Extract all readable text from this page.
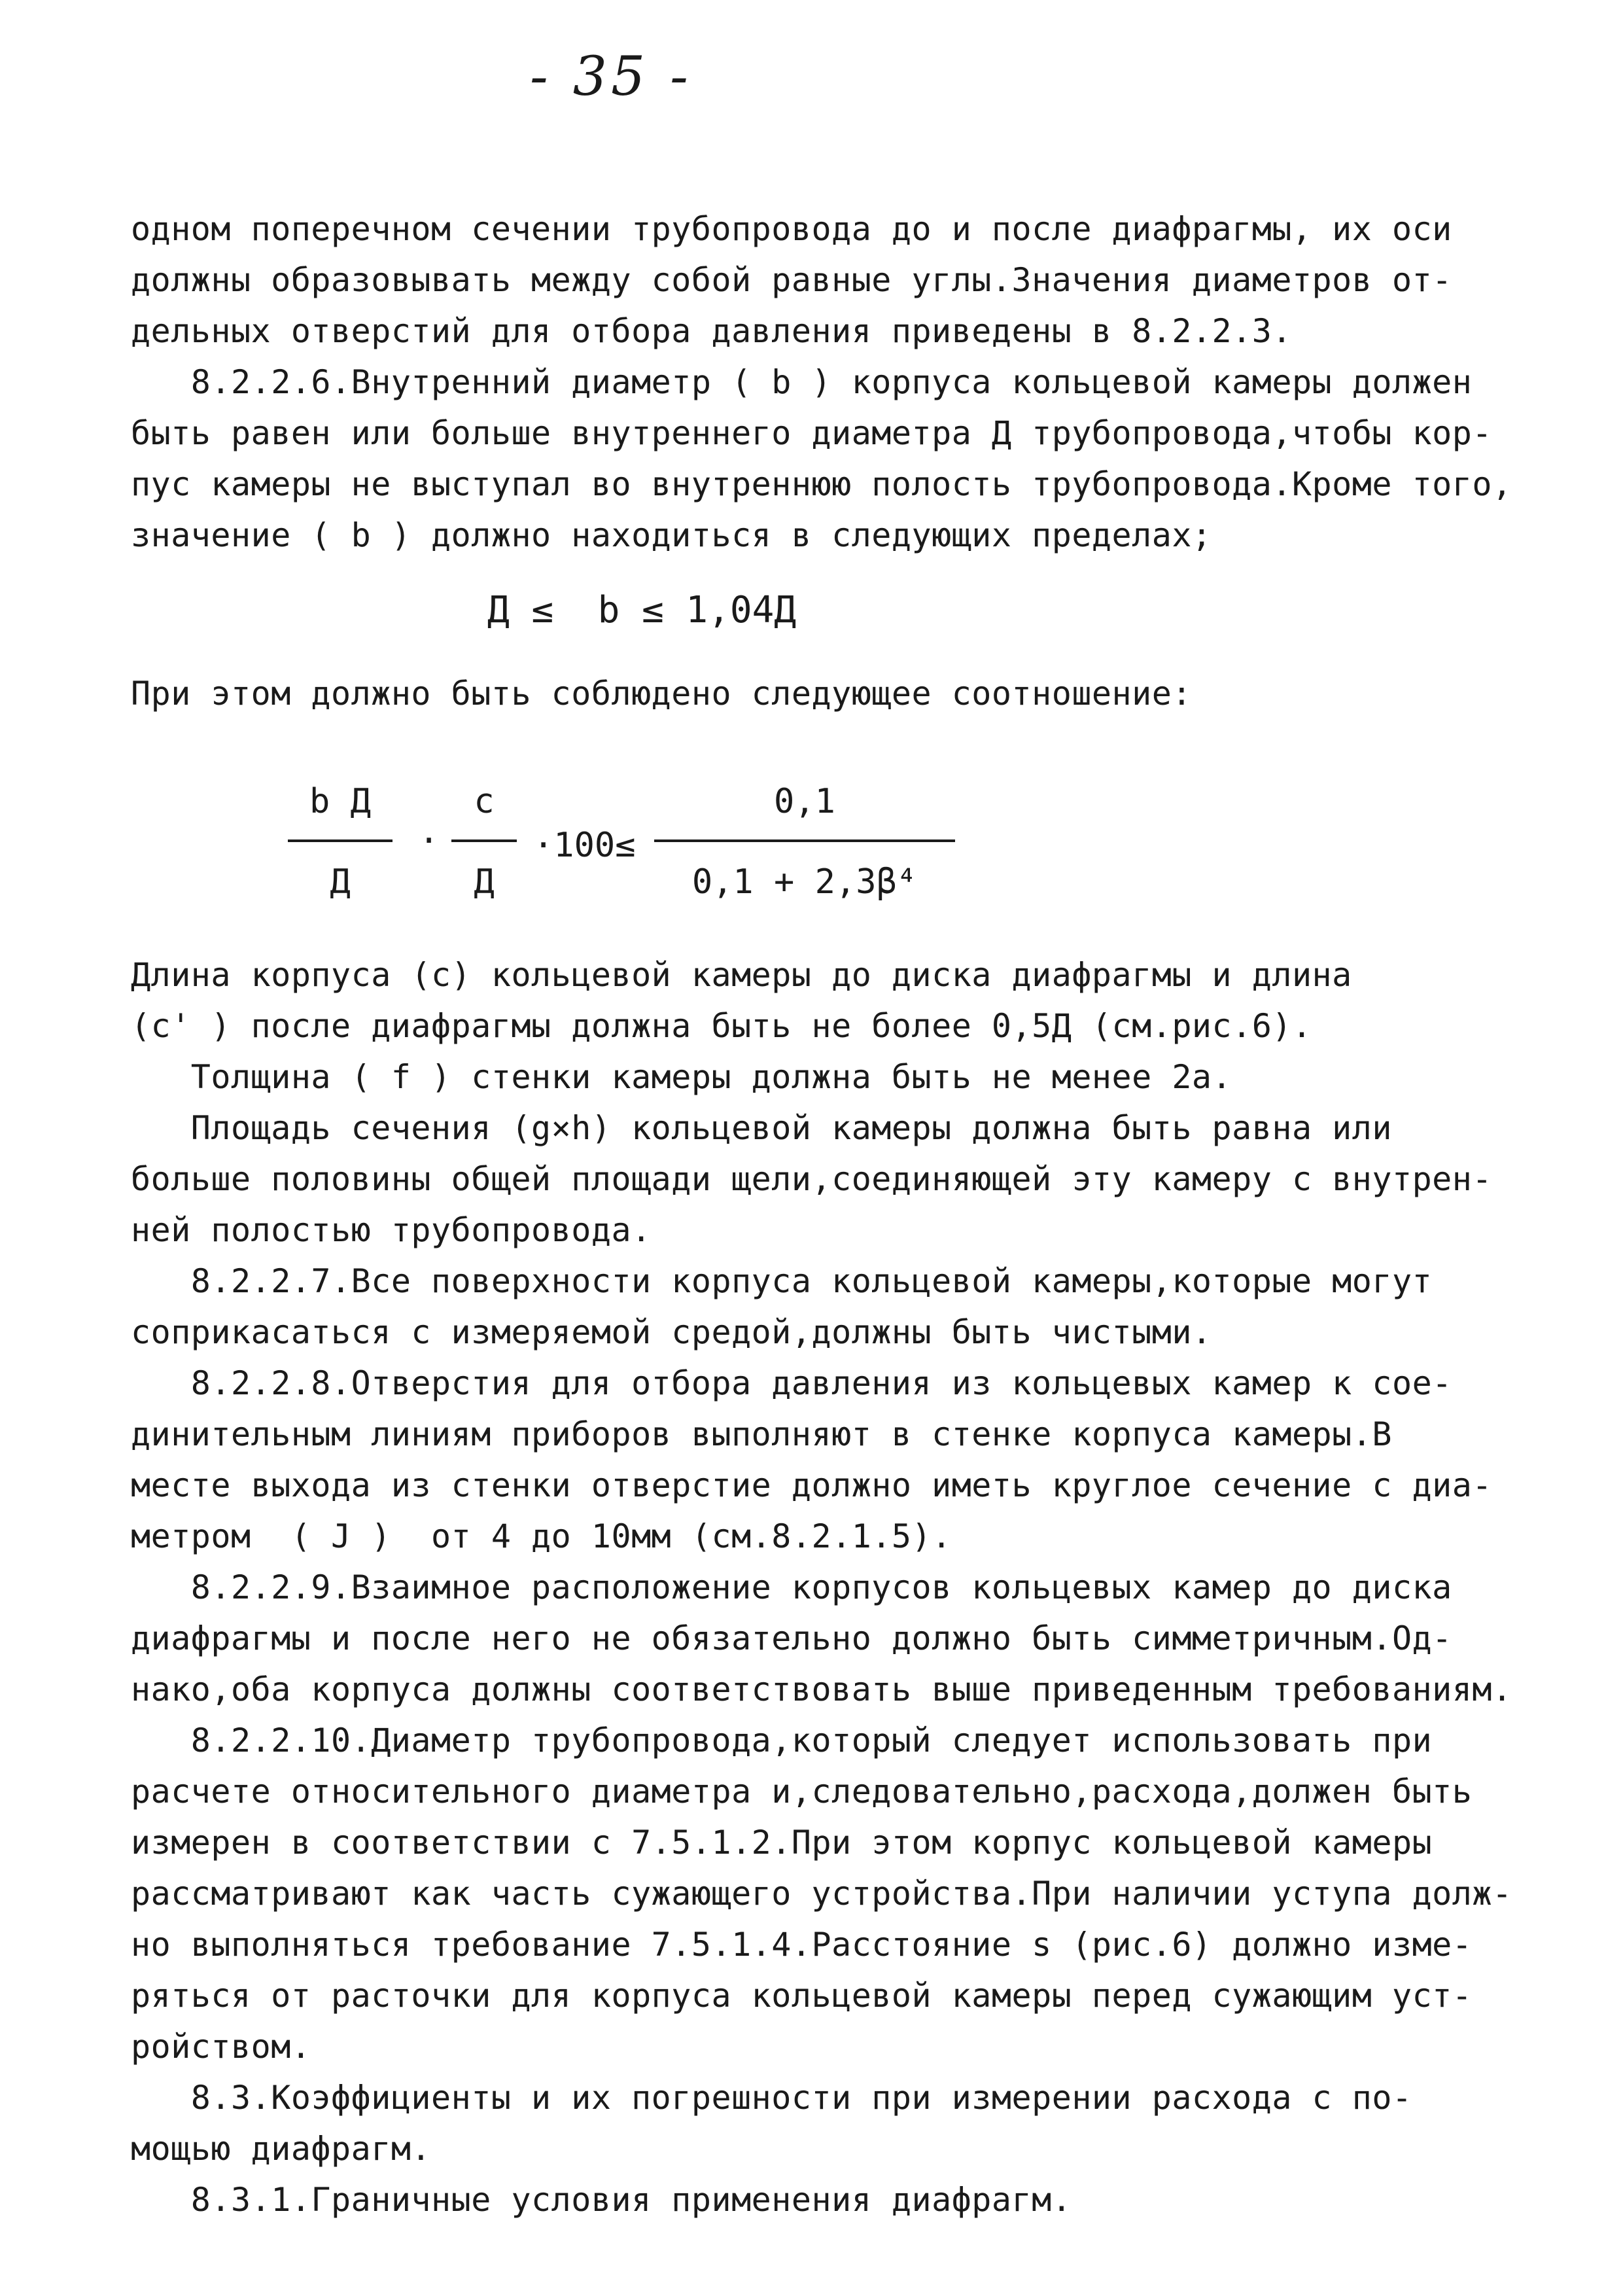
- 35 -
одном поперечном сечении трубопровода до и после диафрагмы, их оси
должны образовывать между собой равные углы.Значения диаметров от-
дельных отверстий для отбора давления приведены в 8.2.2.3.
8.2.2.6.Внутренний диаметр ( b ) корпуса кольцевой камеры должен
быть равен или больше внутреннего диаметра Д трубопровода,чтобы кор-
пус камеры не выступал во внутреннюю полость трубопровода.Кроме того,
значение ( b ) должно находиться в следующих пределах;
Д ≤  b ≤ 1,04Д
При этом должно быть соблюдено следующее соотношение:
b Д
Д
·
c
Д
·100≤
0,1
0,1 + 2,3β⁴
Длина корпуса (c) кольцевой камеры до диска диафрагмы и длина
(c' ) после диафрагмы должна быть не более 0,5Д (см.рис.6).
Толщина ( f ) стенки камеры должна быть не менее 2а.
Площадь сечения (g×h) кольцевой камеры должна быть равна или
больше половины общей площади щели,соединяющей эту камеру с внутрен-
ней полостью трубопровода.
8.2.2.7.Все поверхности корпуса кольцевой камеры,которые могут
соприкасаться с измеряемой средой,должны быть чистыми.
8.2.2.8.Отверстия для отбора давления из кольцевых камер к сое-
динительным линиям приборов выполняют в стенке корпуса камеры.В
месте выхода из стенки отверстие должно иметь круглое сечение с диа-
метром  ( J )  от 4 до 10мм (см.8.2.1.5).
8.2.2.9.Взаимное расположение корпусов кольцевых камер до диска
диафрагмы и после него не обязательно должно быть симметричным.Од-
нако,оба корпуса должны соответствовать выше приведенным требованиям.
8.2.2.10.Диаметр трубопровода,который следует использовать при
расчете относительного диаметра и,следовательно,расхода,должен быть
измерен в соответствии с 7.5.1.2.При этом корпус кольцевой камеры
рассматривают как часть сужающего устройства.При наличии уступа долж-
но выполняться требование 7.5.1.4.Расстояние s (рис.6) должно изме-
ряться от расточки для корпуса кольцевой камеры перед сужающим уст-
ройством.
8.3.Коэффициенты и их погрешности при измерении расхода с по-
мощью диафрагм.
8.3.1.Граничные условия применения диафрагм.
